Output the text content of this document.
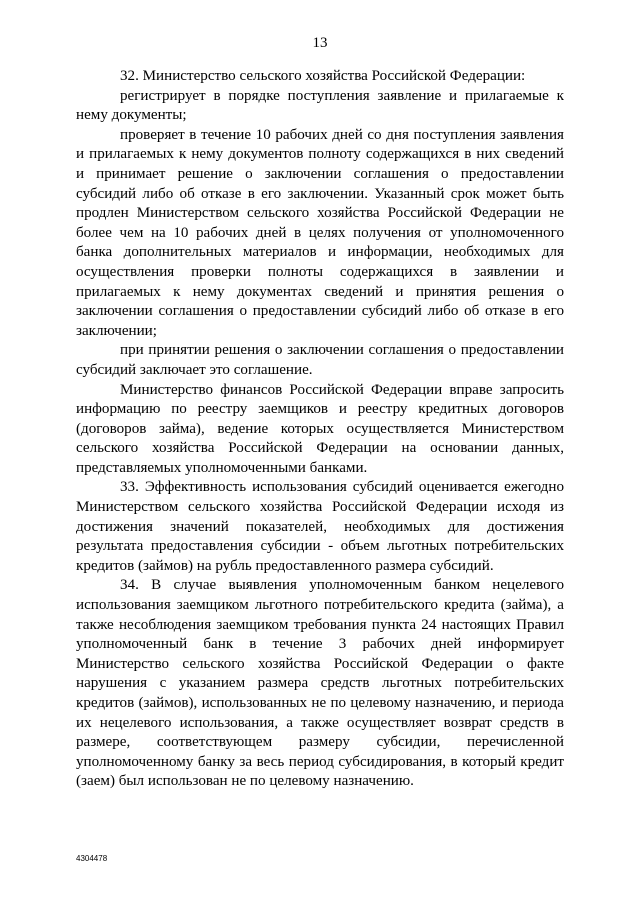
13

32. Министерство сельского хозяйства Российской Федерации:

регистрирует в порядке поступления заявление и прилагаемые к нему документы;

проверяет в течение 10 рабочих дней со дня поступления заявления и прилагаемых к нему документов полноту содержащихся в них сведений и принимает решение о заключении соглашения о предоставлении субсидий либо об отказе в его заключении. Указанный срок может быть продлен Министерством сельского хозяйства Российской Федерации не более чем на 10 рабочих дней в целях получения от уполномоченного банка дополнительных материалов и информации, необходимых для осуществления проверки полноты содержащихся в заявлении и прилагаемых к нему документах сведений и принятия решения о заключении соглашения о предоставлении субсидий либо об отказе в его заключении;

при принятии решения о заключении соглашения о предоставлении субсидий заключает это соглашение.

Министерство финансов Российской Федерации вправе запросить информацию по реестру заемщиков и реестру кредитных договоров (договоров займа), ведение которых осуществляется Министерством сельского хозяйства Российской Федерации на основании данных, представляемых уполномоченными банками.

33. Эффективность использования субсидий оценивается ежегодно Министерством сельского хозяйства Российской Федерации исходя из достижения значений показателей, необходимых для достижения результата предоставления субсидии - объем льготных потребительских кредитов (займов) на рубль предоставленного размера субсидий.

34. В случае выявления уполномоченным банком нецелевого использования заемщиком льготного потребительского кредита (займа), а также несоблюдения заемщиком требования пункта 24 настоящих Правил уполномоченный банк в течение 3 рабочих дней информирует Министерство сельского хозяйства Российской Федерации о факте нарушения с указанием размера средств льготных потребительских кредитов (займов), использованных не по целевому назначению, и периода их нецелевого использования, а также осуществляет возврат средств в размере, соответствующем размеру субсидии, перечисленной уполномоченному банку за весь период субсидирования, в который кредит (заем) был использован не по целевому назначению.

4304478
